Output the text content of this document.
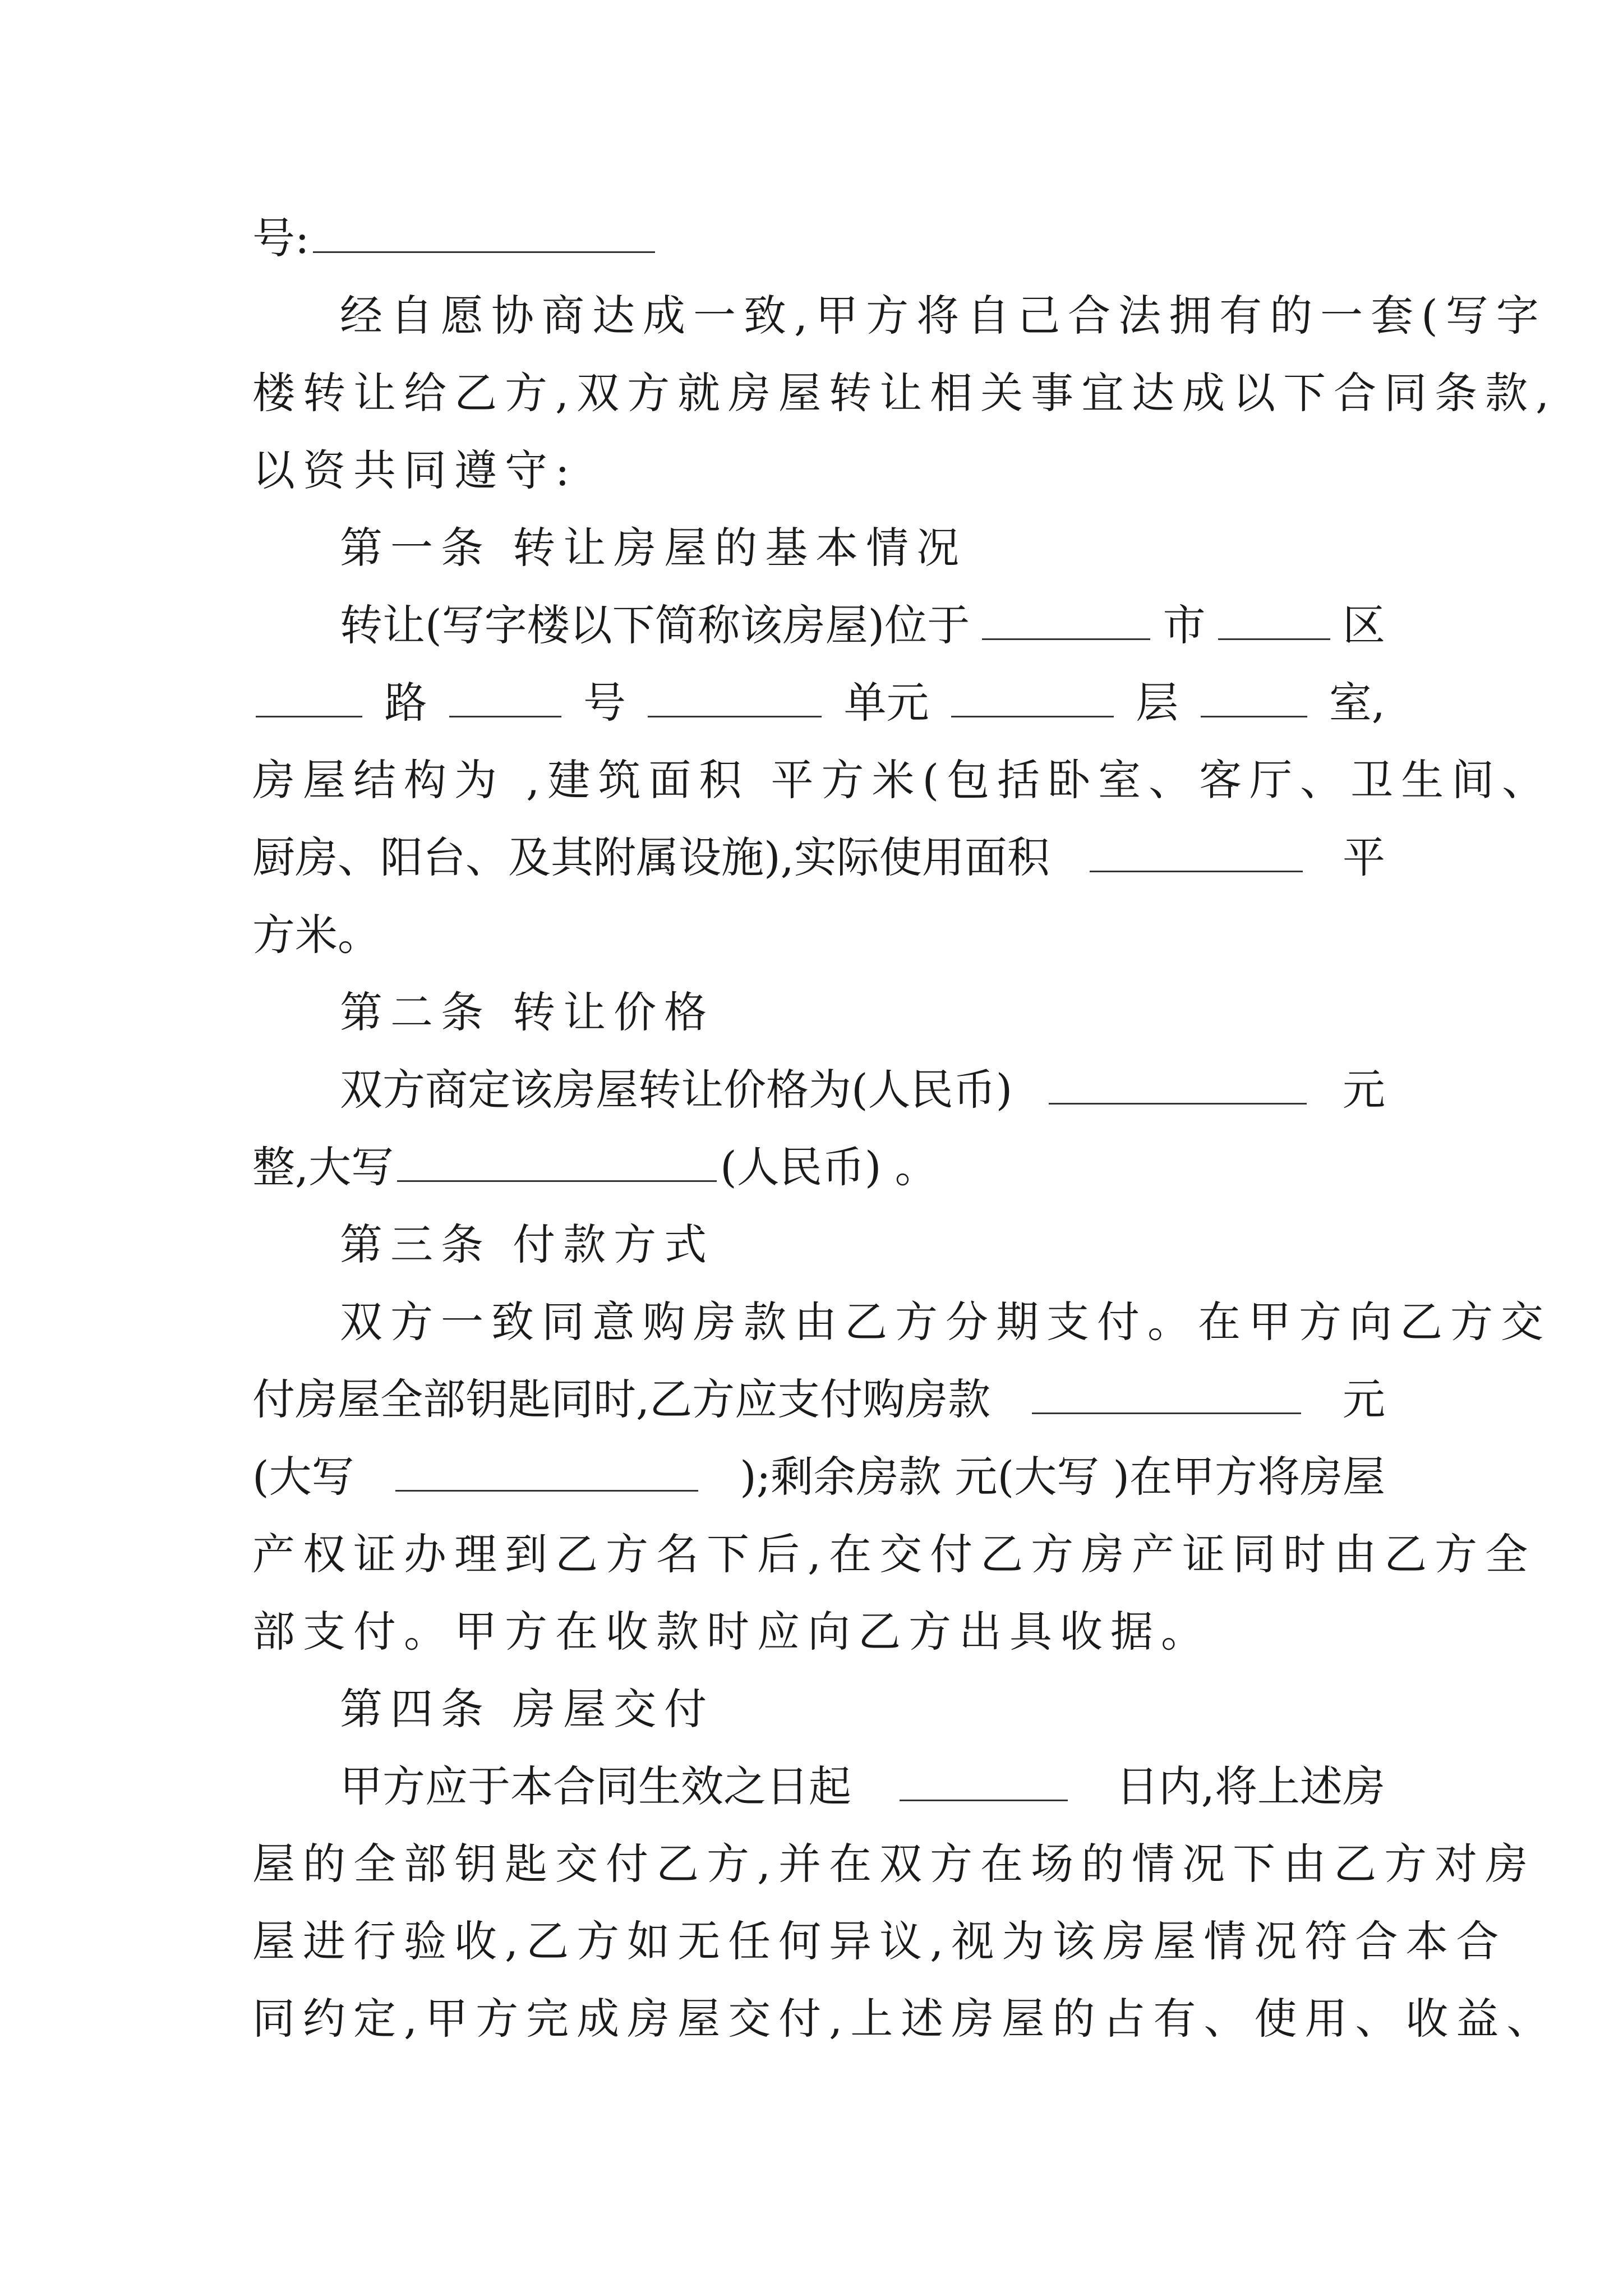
号:
经自愿协商达成一致,甲方将自己合法拥有的一套(写字
楼转让给乙方,双方就房屋转让相关事宜达成以下合同条款,
以资共同遵守:
第一条 转让房屋的基本情况
转让(写字楼以下简称该房屋)位于	市	区
路	号	单元	层	室,
房屋结构为 ,建筑面积 平方米(包括卧室、客厅、卫生间、
厨房、阳台、及其附属设施),实际使用面积	平
方米。
第二条 转让价格
双方商定该房屋转让价格为(人民币)	元
整,大写	(人民币) 。
第三条 付款方式
双方一致同意购房款由乙方分期支付。在甲方向乙方交
付房屋全部钥匙同时,乙方应支付购房款	元
(大写	);剩余房款 元(大写 )在甲方将房屋
产权证办理到乙方名下后,在交付乙方房产证同时由乙方全
部支付。甲方在收款时应向乙方出具收据。
第四条 房屋交付
甲方应于本合同生效之日起	日内,将上述房
屋的全部钥匙交付乙方,并在双方在场的情况下由乙方对房
屋进行验收,乙方如无任何异议,视为该房屋情况符合本合
同约定,甲方完成房屋交付,上述房屋的占有、使用、收益、
